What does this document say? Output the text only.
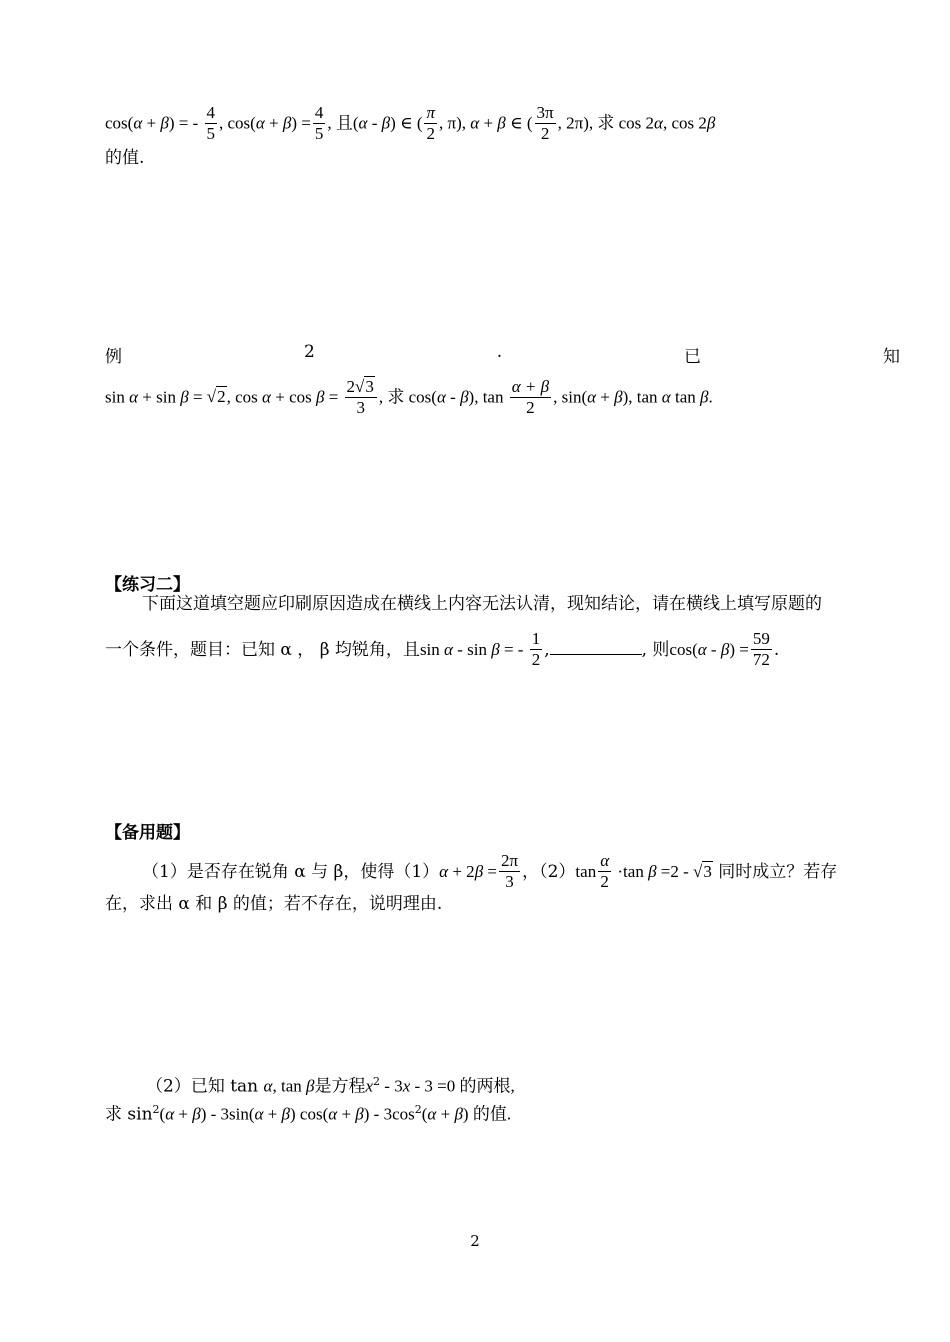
cos(α + β) = - $\frac{4}{5}$ , $\cos(\alpha + \beta) = \frac{4}{5}$ , 且(α - β) ∈ ( $\frac{\pi}{2}$ , π), α + β ∈ ( $\frac{3\pi}{2}$ , 2π), 求 cos 2α, cos 2β
的值.
例	2	.	已	知
sin α + sin β = √2, $\cos \alpha + \cos \beta = \frac{2√3}{3}$ , 求 cos(α - β), $\tan \frac{\alpha + \beta}{2}$ , sin(α + β), tan α tan β.
【练习二】
下面这道填空题应印刷原因造成在横线上内容无法认清，现知结论，请在横线上填写原题的
一个条件，题目：已知 α ， β 均锐角，且sin α - sin β = - $\frac{1}{2}$ ,	, 则$\cos(\alpha - \beta) = \frac{59}{72}$ .
【备用题】
（1）是否存在锐角 α 与 β，使得$(1)\alpha + 2\beta = \frac{2\pi}{3}$ ，$(2)\tan \frac{\alpha}{2} \cdot\tan$ β =2 - √3 同时成立？若存
在，求出 α 和 β 的值；若不存在，说明理由.
（2）已知 tan α, tan β是方程$x^2 - 3x - 3 =0$ 的两根,
求 $\sin^2(\alpha + \beta) - 3\sin(\alpha + \beta) \cos(\alpha + \beta) - 3\cos^2(\alpha + \beta)$ 的值.
2
